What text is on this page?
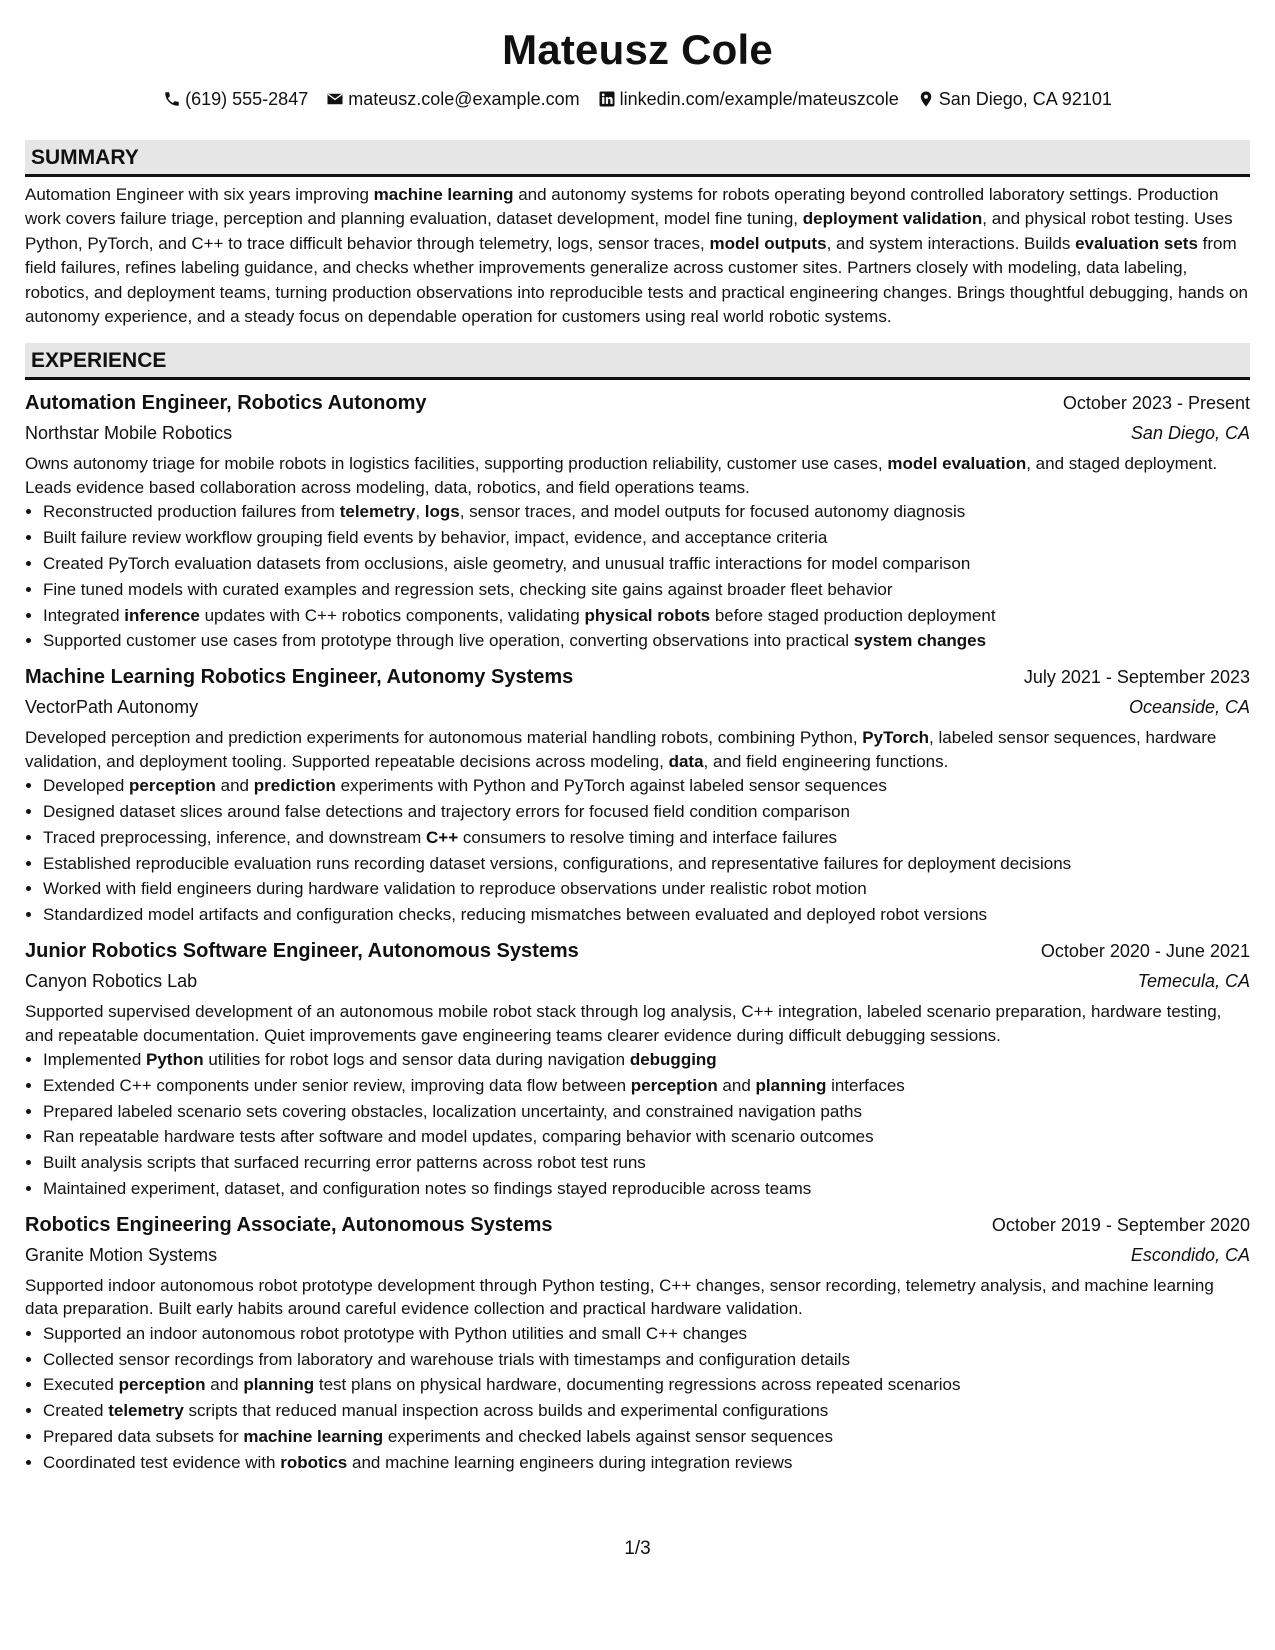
Mateusz Cole
(619) 555-2847 mateusz.cole@example.com linkedin.com/example/mateuszcole San Diego, CA 92101
SUMMARY

Automation Engineer with six years improving machine learning and autonomy systems for robots operating beyond controlled laboratory settings. Production work covers failure triage, perception and planning evaluation, dataset development, model fine tuning, deployment validation, and physical robot testing. Uses Python, PyTorch, and C++ to trace difficult behavior through telemetry, logs, sensor traces, model outputs, and system interactions. Builds evaluation sets from field failures, refines labeling guidance, and checks whether improvements generalize across customer sites. Partners closely with modeling, data labeling, robotics, and deployment teams, turning production observations into reproducible tests and practical engineering changes. Brings thoughtful debugging, hands on autonomy experience, and a steady focus on dependable operation for customers using real world robotic systems.

EXPERIENCE
Automation Engineer, Robotics Autonomy	October 2023 - Present
Northstar Mobile Robotics	San Diego, CA
Owns autonomy triage for mobile robots in logistics facilities, supporting production reliability, customer use cases, model evaluation, and staged deployment. Leads evidence based collaboration across modeling, data, robotics, and field operations teams.
• Reconstructed production failures from telemetry, logs, sensor traces, and model outputs for focused autonomy diagnosis
• Built failure review workflow grouping field events by behavior, impact, evidence, and acceptance criteria
• Created PyTorch evaluation datasets from occlusions, aisle geometry, and unusual traffic interactions for model comparison
• Fine tuned models with curated examples and regression sets, checking site gains against broader fleet behavior
• Integrated inference updates with C++ robotics components, validating physical robots before staged production deployment
• Supported customer use cases from prototype through live operation, converting observations into practical system changes
Machine Learning Robotics Engineer, Autonomy Systems	July 2021 - September 2023
VectorPath Autonomy	Oceanside, CA
Developed perception and prediction experiments for autonomous material handling robots, combining Python, PyTorch, labeled sensor sequences, hardware validation, and deployment tooling. Supported repeatable decisions across modeling, data, and field engineering functions.
• Developed perception and prediction experiments with Python and PyTorch against labeled sensor sequences
• Designed dataset slices around false detections and trajectory errors for focused field condition comparison
• Traced preprocessing, inference, and downstream C++ consumers to resolve timing and interface failures
• Established reproducible evaluation runs recording dataset versions, configurations, and representative failures for deployment decisions
• Worked with field engineers during hardware validation to reproduce observations under realistic robot motion
• Standardized model artifacts and configuration checks, reducing mismatches between evaluated and deployed robot versions
Junior Robotics Software Engineer, Autonomous Systems	October 2020 - June 2021
Canyon Robotics Lab	Temecula, CA
Supported supervised development of an autonomous mobile robot stack through log analysis, C++ integration, labeled scenario preparation, hardware testing, and repeatable documentation. Quiet improvements gave engineering teams clearer evidence during difficult debugging sessions.
• Implemented Python utilities for robot logs and sensor data during navigation debugging
• Extended C++ components under senior review, improving data flow between perception and planning interfaces
• Prepared labeled scenario sets covering obstacles, localization uncertainty, and constrained navigation paths
• Ran repeatable hardware tests after software and model updates, comparing behavior with scenario outcomes
• Built analysis scripts that surfaced recurring error patterns across robot test runs
• Maintained experiment, dataset, and configuration notes so findings stayed reproducible across teams
Robotics Engineering Associate, Autonomous Systems	October 2019 - September 2020
Granite Motion Systems	Escondido, CA
Supported indoor autonomous robot prototype development through Python testing, C++ changes, sensor recording, telemetry analysis, and machine learning data preparation. Built early habits around careful evidence collection and practical hardware validation.
• Supported an indoor autonomous robot prototype with Python utilities and small C++ changes
• Collected sensor recordings from laboratory and warehouse trials with timestamps and configuration details
• Executed perception and planning test plans on physical hardware, documenting regressions across repeated scenarios
• Created telemetry scripts that reduced manual inspection across builds and experimental configurations
• Prepared data subsets for machine learning experiments and checked labels against sensor sequences
• Coordinated test evidence with robotics and machine learning engineers during integration reviews
1/3
